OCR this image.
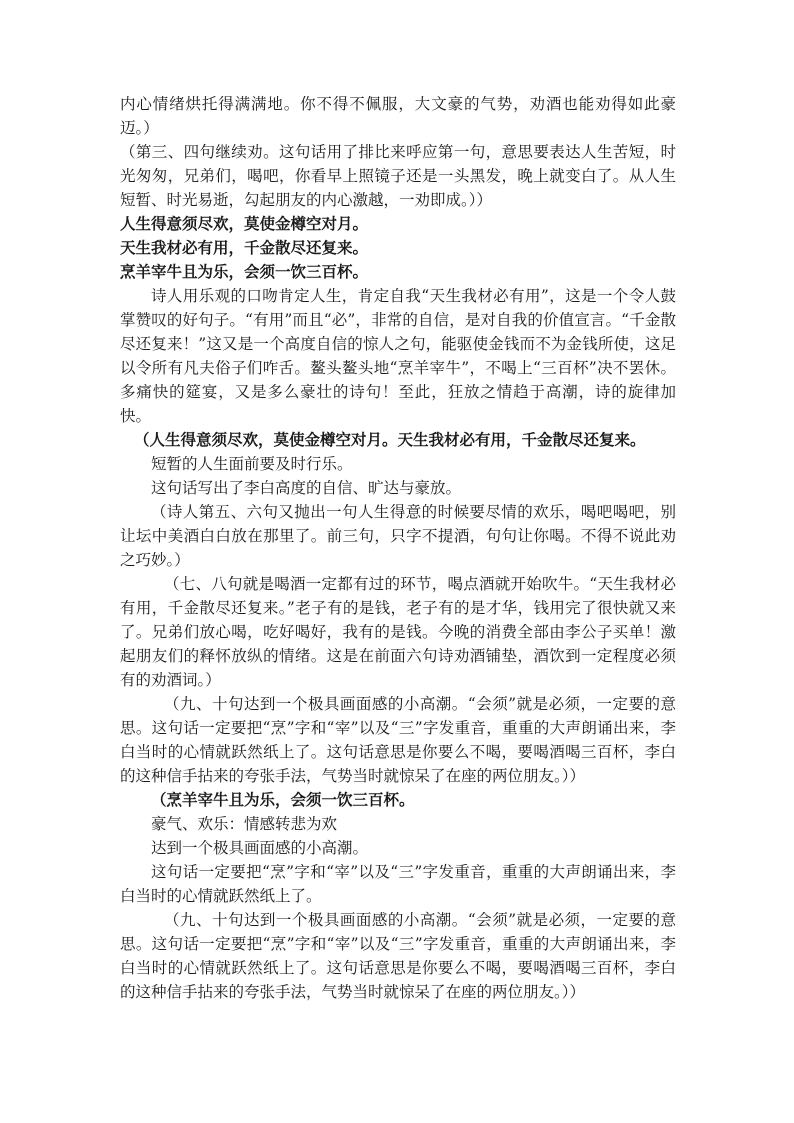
内心情绪烘托得满满地。你不得不佩服，大文豪的气势，劝酒也能劝得如此豪迈。）

（第三、四句继续劝。这句话用了排比来呼应第一句，意思要表达人生苦短，时光匆匆，兄弟们，喝吧，你看早上照镜子还是一头黑发，晚上就变白了。从人生短暂、时光易逝，勾起朋友的内心激越，一劝即成。））

人生得意须尽欢，莫使金樽空对月。

天生我材必有用，千金散尽还复来。

烹羊宰牛且为乐，会须一饮三百杯。

诗人用乐观的口吻肯定人生，肯定自我“天生我材必有用”，这是一个令人鼓掌赞叹的好句子。“有用”而且“必”，非常的自信，是对自我的价值宣言。“千金散尽还复来！”这又是一个高度自信的惊人之句，能驱使金钱而不为金钱所使，这足以令所有凡夫俗子们咋舌。鳌头鳌头地“烹羊宰牛”，不喝上“三百杯”决不罢休。多痛快的筵宴，又是多么豪壮的诗句！至此，狂放之情趋于高潮，诗的旋律加快。

（人生得意须尽欢，莫使金樽空对月。天生我材必有用，千金散尽还复来。

短暂的人生面前要及时行乐。

这句话写出了李白高度的自信、旷达与豪放。

（诗人第五、六句又抛出一句人生得意的时候要尽情的欢乐，喝吧喝吧，别让坛中美酒白白放在那里了。前三句，只字不提酒，句句让你喝。不得不说此劝之巧妙。）

（七、八句就是喝酒一定都有过的环节，喝点酒就开始吹牛。“天生我材必有用，千金散尽还复来。”老子有的是钱，老子有的是才华，钱用完了很快就又来了。兄弟们放心喝，吃好喝好，我有的是钱。今晚的消费全部由李公子买单！激起朋友们的释怀放纵的情绪。这是在前面六句诗劝酒铺垫，酒饮到一定程度必须有的劝酒词。）

（九、十句达到一个极具画面感的小高潮。“会须”就是必须，一定要的意思。这句话一定要把“烹”字和“宰”以及“三”字发重音，重重的大声朗诵出来，李白当时的心情就跃然纸上了。这句话意思是你要么不喝，要喝酒喝三百杯，李白的这种信手拈来的夸张手法，气势当时就惊呆了在座的两位朋友。））

（烹羊宰牛且为乐，会须一饮三百杯。

豪气、欢乐：情感转悲为欢

达到一个极具画面感的小高潮。

这句话一定要把“烹”字和“宰”以及“三”字发重音，重重的大声朗诵出来，李白当时的心情就跃然纸上了。

（九、十句达到一个极具画面感的小高潮。“会须”就是必须，一定要的意思。这句话一定要把“烹”字和“宰”以及“三”字发重音，重重的大声朗诵出来，李白当时的心情就跃然纸上了。这句话意思是你要么不喝，要喝酒喝三百杯，李白的这种信手拈来的夸张手法，气势当时就惊呆了在座的两位朋友。））
